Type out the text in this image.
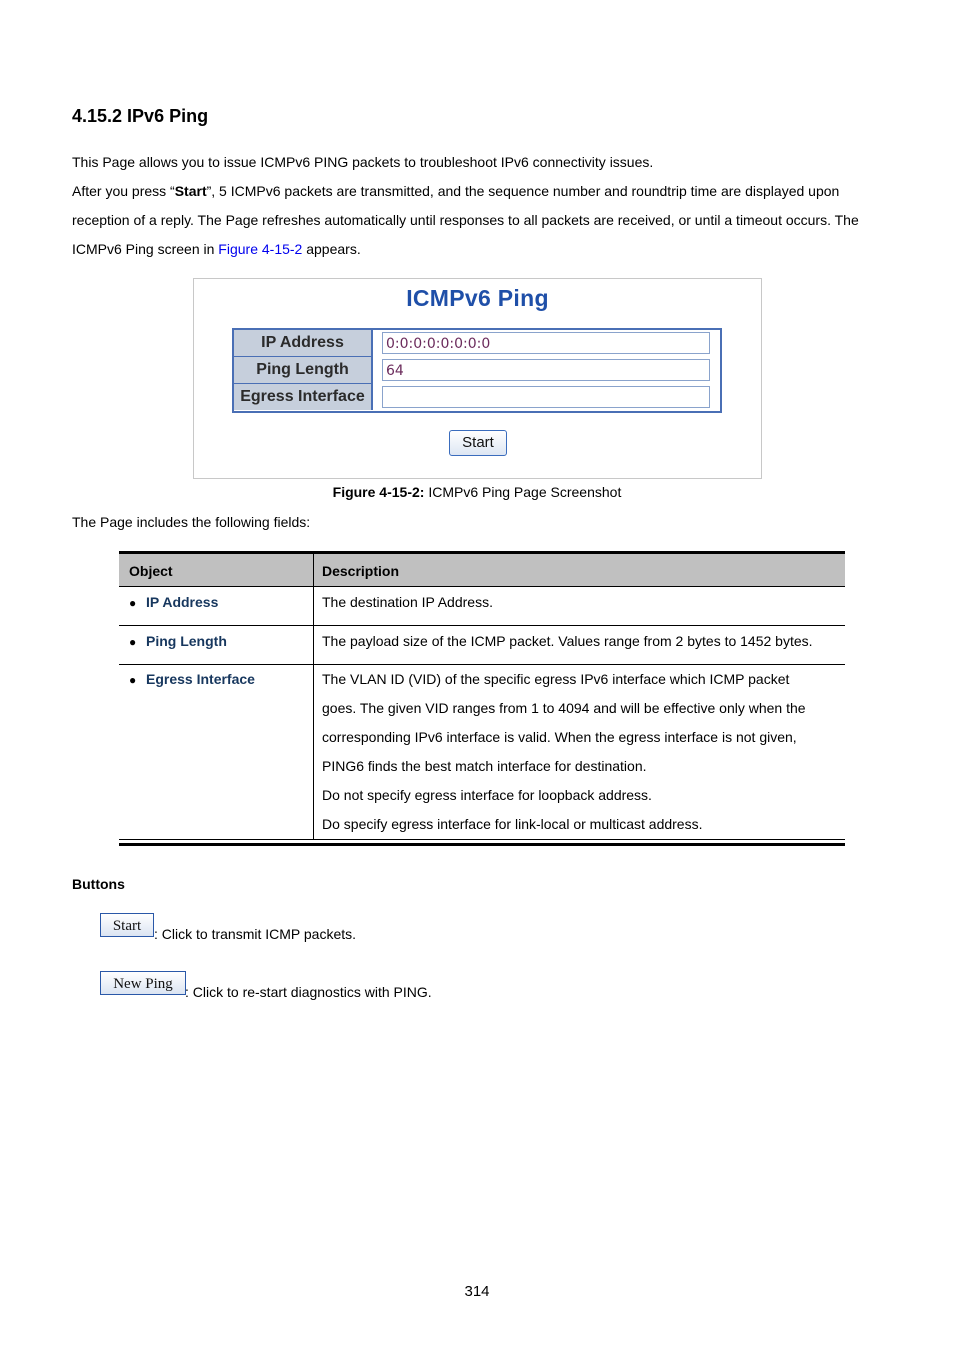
4.15.2 IPv6 Ping

This Page allows you to issue ICMPv6 PING packets to troubleshoot IPv6 connectivity issues.

After you press “Start”, 5 ICMPv6 packets are transmitted, and the sequence number and roundtrip time are displayed upon

reception of a reply. The Page refreshes automatically until responses to all packets are received, or until a timeout occurs. The

ICMPv6 Ping screen in Figure 4-15-2 appears.

ICMPv6 Ping
IP Address	0:0:0:0:0:0:0:0
Ping Length	64
Egress Interface
Start
Figure 4-15-2: ICMPv6 Ping Page Screenshot

The Page includes the following fields:

Object	Description
● IP Address	The destination IP Address.
● Ping Length	The payload size of the ICMP packet. Values range from 2 bytes to 1452 bytes.
● Egress Interface	The VLAN ID (VID) of the specific egress IPv6 interface which ICMP packet
goes. The given VID ranges from 1 to 4094 and will be effective only when the
corresponding IPv6 interface is valid. When the egress interface is not given,
PING6 finds the best match interface for destination.
Do not specify egress interface for loopback address.
Do specify egress interface for link-local or multicast address.
Buttons
Start : Click to transmit ICMP packets.
New Ping : Click to re-start diagnostics with PING.
314
